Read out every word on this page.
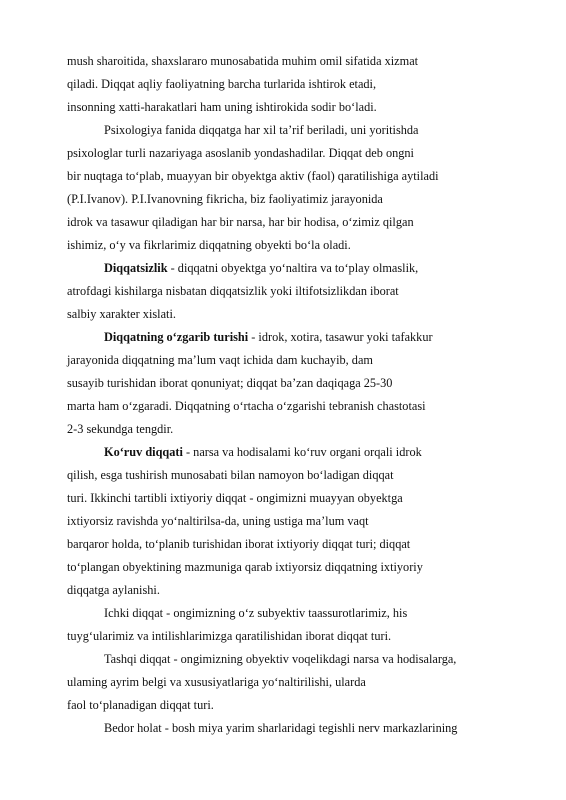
mush sharoitida, shaxslararo munosabatida muhim omil sifatida xizmat
qiladi. Diqqat aqliy faoliyatning barcha turlarida ishtirok etadi,
insonning xatti-harakatlari ham uning ishtirokida sodir bo‘ladi.
Psixologiya fanida diqqatga har xil ta’rif beriladi, uni yoritishda
psixologlar turli nazariyaga asoslanib yondashadilar. Diqqat deb ongni
bir nuqtaga to‘plab, muayyan bir obyektga aktiv (faol) qaratilishiga aytiladi
(P.I.Ivanov). P.I.Ivanovning fikricha, biz faoliyatimiz jarayonida
idrok va tasawur qiladigan har bir narsa, har bir hodisa, o‘zimiz qilgan
ishimiz, o‘y va fikrlarimiz diqqatning obyekti bo‘la oladi.
Diqqatsizlik - diqqatni obyektga yo‘naltira va to‘play olmaslik,
atrofdagi kishilarga nisbatan diqqatsizlik yoki iltifotsizlikdan iborat
salbiy xarakter xislati.
Diqqatning o‘zgarib turishi - idrok, xotira, tasawur yoki tafakkur
jarayonida diqqatning ma’lum vaqt ichida dam kuchayib, dam
susayib turishidan iborat qonuniyat; diqqat ba’zan daqiqaga 25-30
marta ham o‘zgaradi. Diqqatning o‘rtacha o‘zgarishi tebranish chastotasi
2-3 sekundga tengdir.
Ko‘ruv diqqati - narsa va hodisalami ko‘ruv organi orqali idrok
qilish, esga tushirish munosabati bilan namoyon bo‘ladigan diqqat
turi. Ikkinchi tartibli ixtiyoriy diqqat - ongimizni muayyan obyektga
ixtiyorsiz ravishda yo‘naltirilsa-da, uning ustiga ma’lum vaqt
barqaror holda, to‘planib turishidan iborat ixtiyoriy diqqat turi; diqqat
to‘plangan obyektining mazmuniga qarab ixtiyorsiz diqqatning ixtiyoriy
diqqatga aylanishi.
Ichki diqqat - ongimizning o‘z subyektiv taassurotlarimiz, his
tuyg‘ularimiz va intilishlarimizga qaratilishidan iborat diqqat turi.
Tashqi diqqat - ongimizning obyektiv voqelikdagi narsa va hodisalarga,
ulaming ayrim belgi va xususiyatlariga yo‘naltirilishi, ularda
faol to‘planadigan diqqat turi.
Bedor holat - bosh miya yarim sharlaridagi tegishli nerv markazlarining
